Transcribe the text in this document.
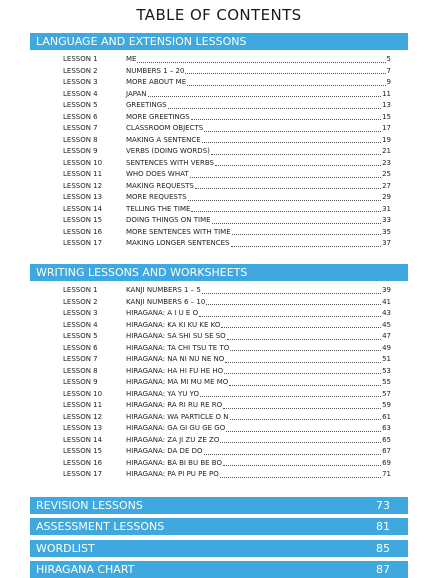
TABLE OF CONTENTS
LANGUAGE AND EXTENSION LESSONS
LESSON 1	ME	5
LESSON 2	NUMBERS 1 – 20	7
LESSON 3	MORE ABOUT ME	9
LESSON 4	JAPAN	11
LESSON 5	GREETINGS	13
LESSON 6	MORE GREETINGS	15
LESSON 7	CLASSROOM OBJECTS	17
LESSON 8	MAKING A SENTENCE	19
LESSON 9	VERBS (DOING WORDS)	21
LESSON 10	SENTENCES WITH VERBS	23
LESSON 11	WHO DOES WHAT	25
LESSON 12	MAKING REQUESTS	27
LESSON 13	MORE REQUESTS	29
LESSON 14	TELLING THE TIME	31
LESSON 15	DOING THINGS ON TIME	33
LESSON 16	MORE SENTENCES WITH TIME	35
LESSON 17	MAKING LONGER SENTENCES	37
WRITING LESSONS AND WORKSHEETS
LESSON 1	KANJI NUMBERS 1 – 5	39
LESSON 2	KANJI NUMBERS 6 – 10	41
LESSON 3	HIRAGANA: A I U E O	43
LESSON 4	HIRAGANA: KA KI KU KE KO	45
LESSON 5	HIRAGANA: SA SHI SU SE SO	47
LESSON 6	HIRAGANA: TA CHI TSU TE TO	49
LESSON 7	HIRAGANA: NA NI NU NE NO	51
LESSON 8	HIRAGANA: HA HI FU HE HO	53
LESSON 9	HIRAGANA: MA MI MU ME MO	55
LESSON 10	HIRAGANA: YA YU YO	57
LESSON 11	HIRAGANA: RA RI RU RE RO	59
LESSON 12	HIRAGANA: WA PARTICLE O N	61
LESSON 13	HIRAGANA: GA GI GU GE GO	63
LESSON 14	HIRAGANA: ZA JI ZU ZE ZO	65
LESSON 15	HIRAGANA: DA DE DO	67
LESSON 16	HIRAGANA: BA BI BU BE BO	69
LESSON 17	HIRAGANA: PA PI PU PE PO	71
REVISION LESSONS	73
ASSESSMENT LESSONS	81
WORDLIST	85
HIRAGANA CHART	87
